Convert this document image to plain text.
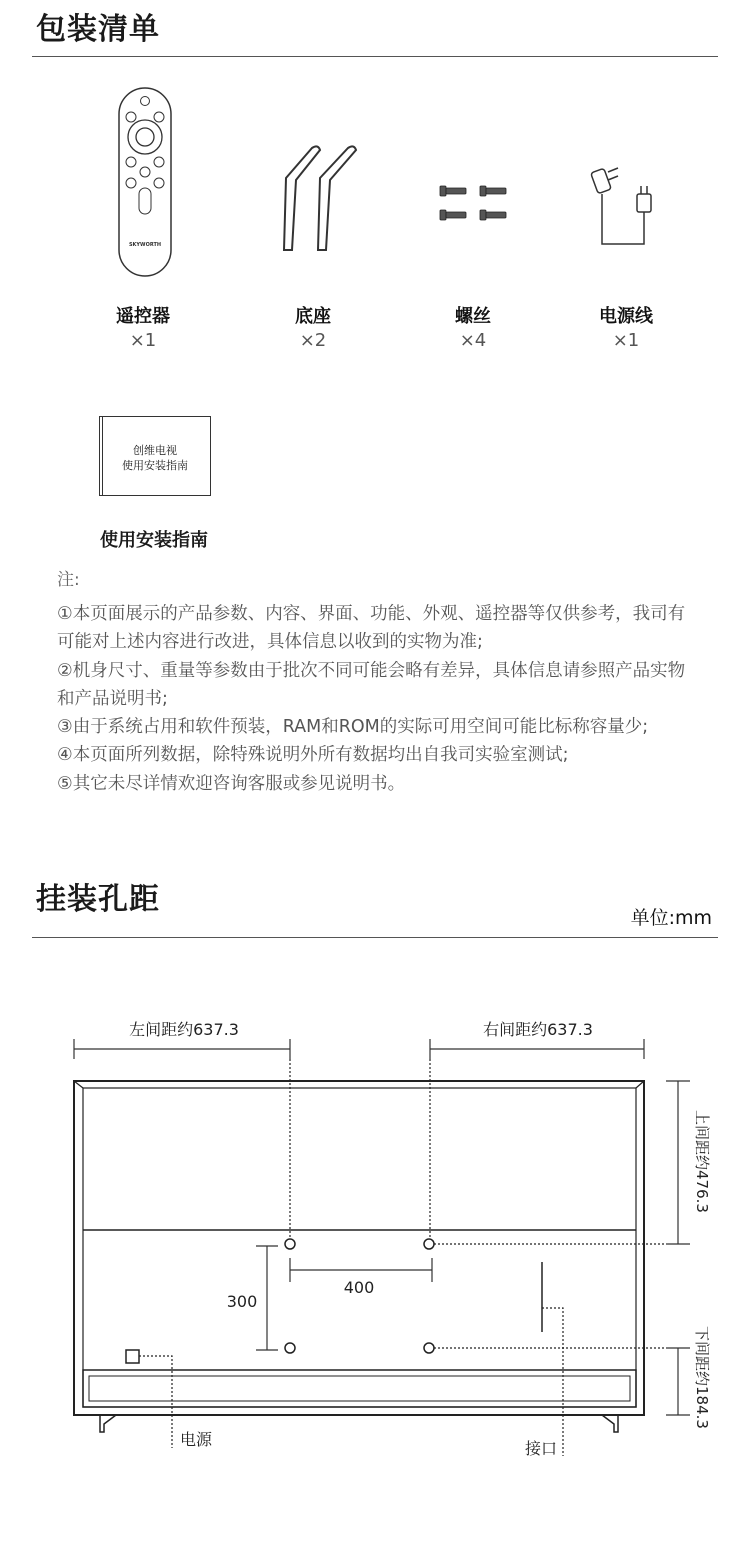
包装清单
SKYWORTH
遥控器
×1
底座
×2
螺丝
×4
电源线
×1
创维电视
使用安装指南
使用安装指南
注:

①本页面展示的产品参数、内容、界面、功能、外观、遥控器等仅供参考，我司有 可能对上述内容进行改进，具体信息以收到的实物为准;

②机身尺寸、重量等参数由于批次不同可能会略有差异，具体信息请参照产品实物和产品说明书;

③由于系统占用和软件预装，RAM和ROM的实际可用空间可能比标称容量少;

④本页面所列数据，除特殊说明外所有数据均出自我司实验室测试;

⑤其它未尽详情欢迎咨询客服或参见说明书。

挂装孔距
单位:mm
左间距约637.3	右间距约637.3
400
300
上间距约476.3
下间距约184.3
电源	接口
